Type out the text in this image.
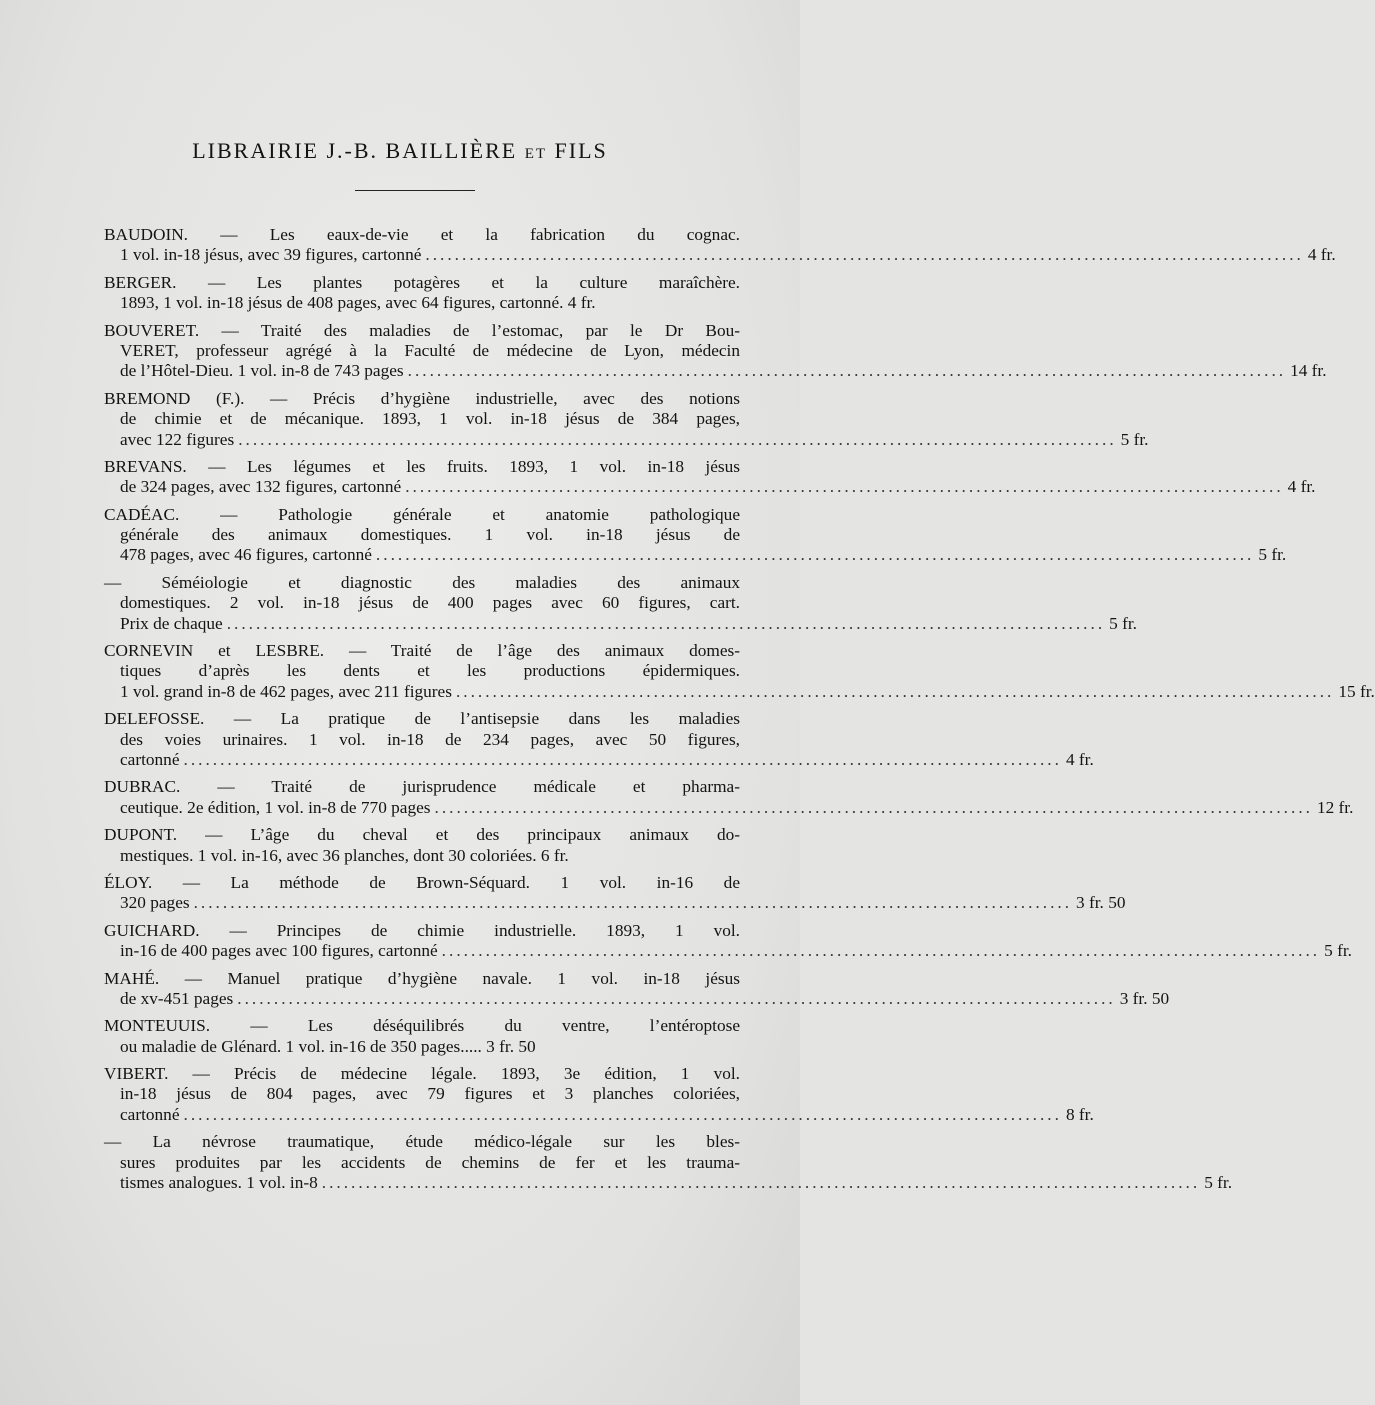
LIBRAIRIE J.-B. BAILLIÈRE ET FILS
BAUDOIN. — Les eaux-de-vie et la fabrication du cognac.
1 vol. in-18 jésus, avec 39 figures, cartonné ........................................................................................................................ 4 fr.
BERGER. — Les plantes potagères et la culture maraîchère.
1893, 1 vol. in-18 jésus de 408 pages, avec 64 figures, cartonné. 4 fr.
BOUVERET. — Traité des maladies de l’estomac, par le Dr Bou-
VERET, professeur agrégé à la Faculté de médecine de Lyon, médecin
de l’Hôtel-Dieu. 1 vol. in-8 de 743 pages ........................................................................................................................ 14 fr.
BREMOND (F.). — Précis d’hygiène industrielle, avec des notions
de chimie et de mécanique. 1893, 1 vol. in-18 jésus de 384 pages,
avec 122 figures ........................................................................................................................ 5 fr.
BREVANS. — Les légumes et les fruits. 1893, 1 vol. in-18 jésus
de 324 pages, avec 132 figures, cartonné ........................................................................................................................ 4 fr.
CADÉAC. — Pathologie générale et anatomie pathologique
générale des animaux domestiques. 1 vol. in-18 jésus de
478 pages, avec 46 figures, cartonné ........................................................................................................................ 5 fr.
— Séméiologie et diagnostic des maladies des animaux
domestiques. 2 vol. in-18 jésus de 400 pages avec 60 figures, cart.
Prix de chaque ........................................................................................................................ 5 fr.
CORNEVIN et LESBRE. — Traité de l’âge des animaux domes-
tiques d’après les dents et les productions épidermiques.
1 vol. grand in-8 de 462 pages, avec 211 figures ........................................................................................................................ 15 fr.
DELEFOSSE. — La pratique de l’antisepsie dans les maladies
des voies urinaires. 1 vol. in-18 de 234 pages, avec 50 figures,
cartonné ........................................................................................................................ 4 fr.
DUBRAC. — Traité de jurisprudence médicale et pharma-
ceutique. 2e édition, 1 vol. in-8 de 770 pages ........................................................................................................................ 12 fr.
DUPONT. — L’âge du cheval et des principaux animaux do-
mestiques. 1 vol. in-16, avec 36 planches, dont 30 coloriées. 6 fr.
ÉLOY. — La méthode de Brown-Séquard. 1 vol. in-16 de
320 pages ........................................................................................................................ 3 fr. 50
GUICHARD. — Principes de chimie industrielle. 1893, 1 vol.
in-16 de 400 pages avec 100 figures, cartonné ........................................................................................................................ 5 fr.
MAHÉ. — Manuel pratique d’hygiène navale. 1 vol. in-18 jésus
de xv-451 pages ........................................................................................................................ 3 fr. 50
MONTEUUIS. — Les déséquilibrés du ventre, l’entéroptose
ou maladie de Glénard. 1 vol. in-16 de 350 pages..... 3 fr. 50
VIBERT. — Précis de médecine légale. 1893, 3e édition, 1 vol.
in-18 jésus de 804 pages, avec 79 figures et 3 planches coloriées,
cartonné ........................................................................................................................ 8 fr.
— La névrose traumatique, étude médico-légale sur les bles-
sures produites par les accidents de chemins de fer et les trauma-
tismes analogues. 1 vol. in-8 ........................................................................................................................ 5 fr.
